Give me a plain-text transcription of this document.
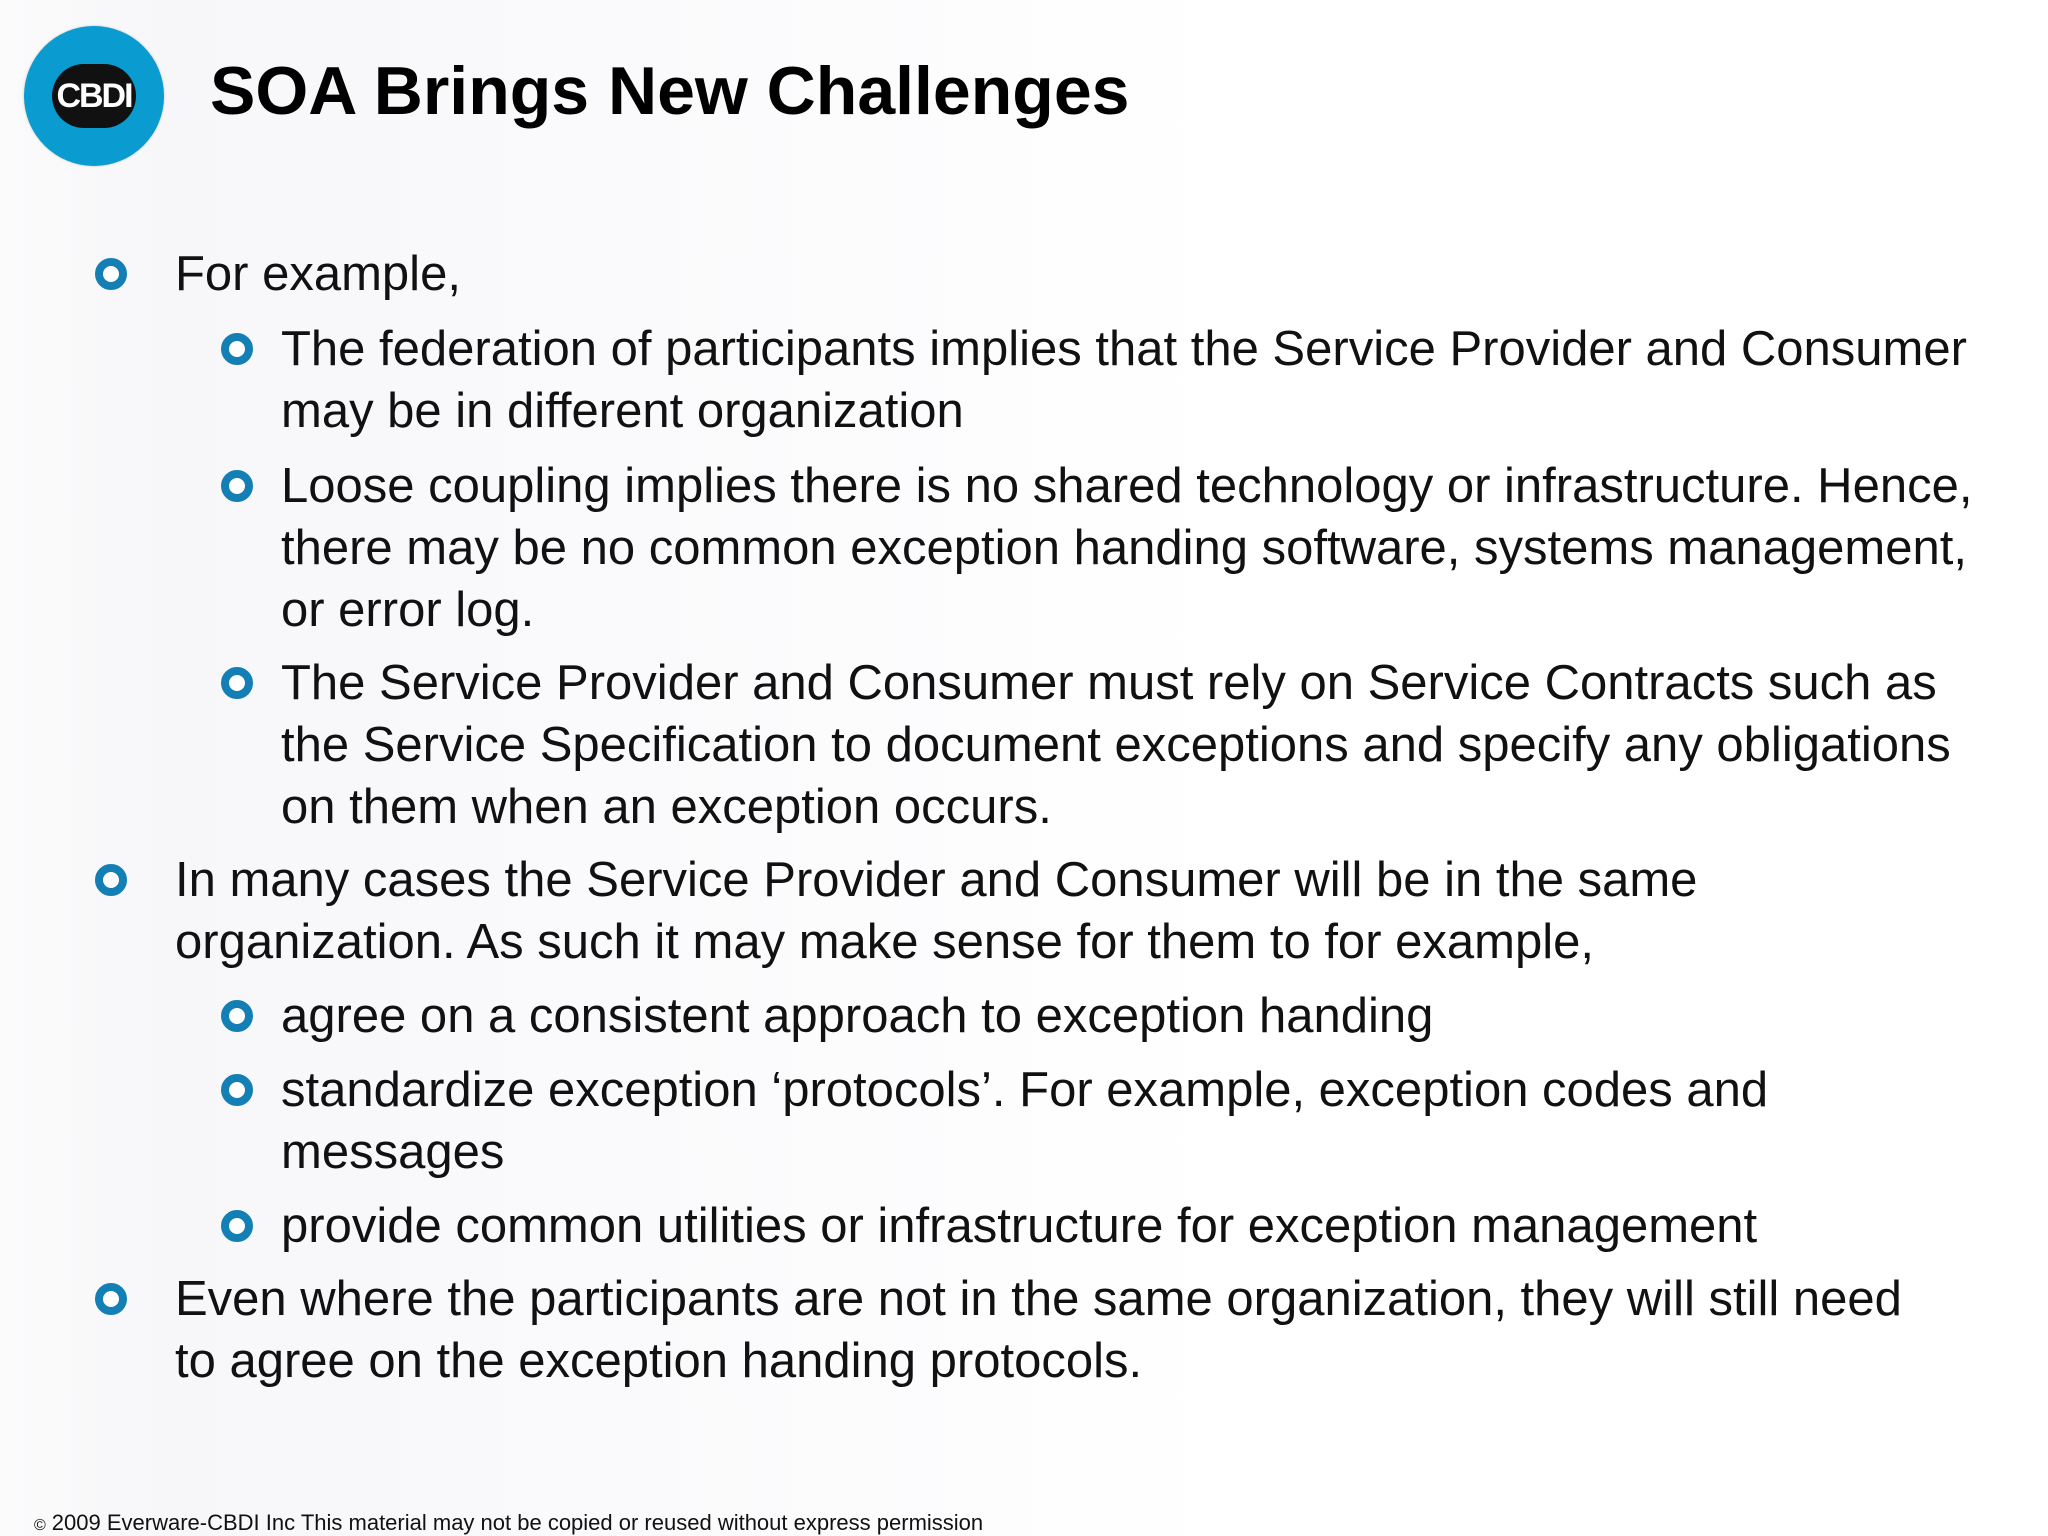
CBDI SOA Brings New Challenges
For example,
The federation of participants implies that the Service Provider and Consumer may be in different organization
Loose coupling implies there is no shared technology or infrastructure. Hence, there may be no common exception handing software, systems management, or error log.
The Service Provider and Consumer must rely on Service Contracts such as the Service Specification to document exceptions and specify any obligations on them when an exception occurs.
In many cases the Service Provider and Consumer will be in the same organization. As such it may make sense for them to for example,
agree on a consistent approach to exception handing
standardize exception ‘protocols’. For example, exception codes and messages
provide common utilities or infrastructure for exception management
Even where the participants are not in the same organization, they will still need to agree on the exception handing protocols.
© 2009 Everware-CBDI Inc This material may not be copied or reused without express permission
